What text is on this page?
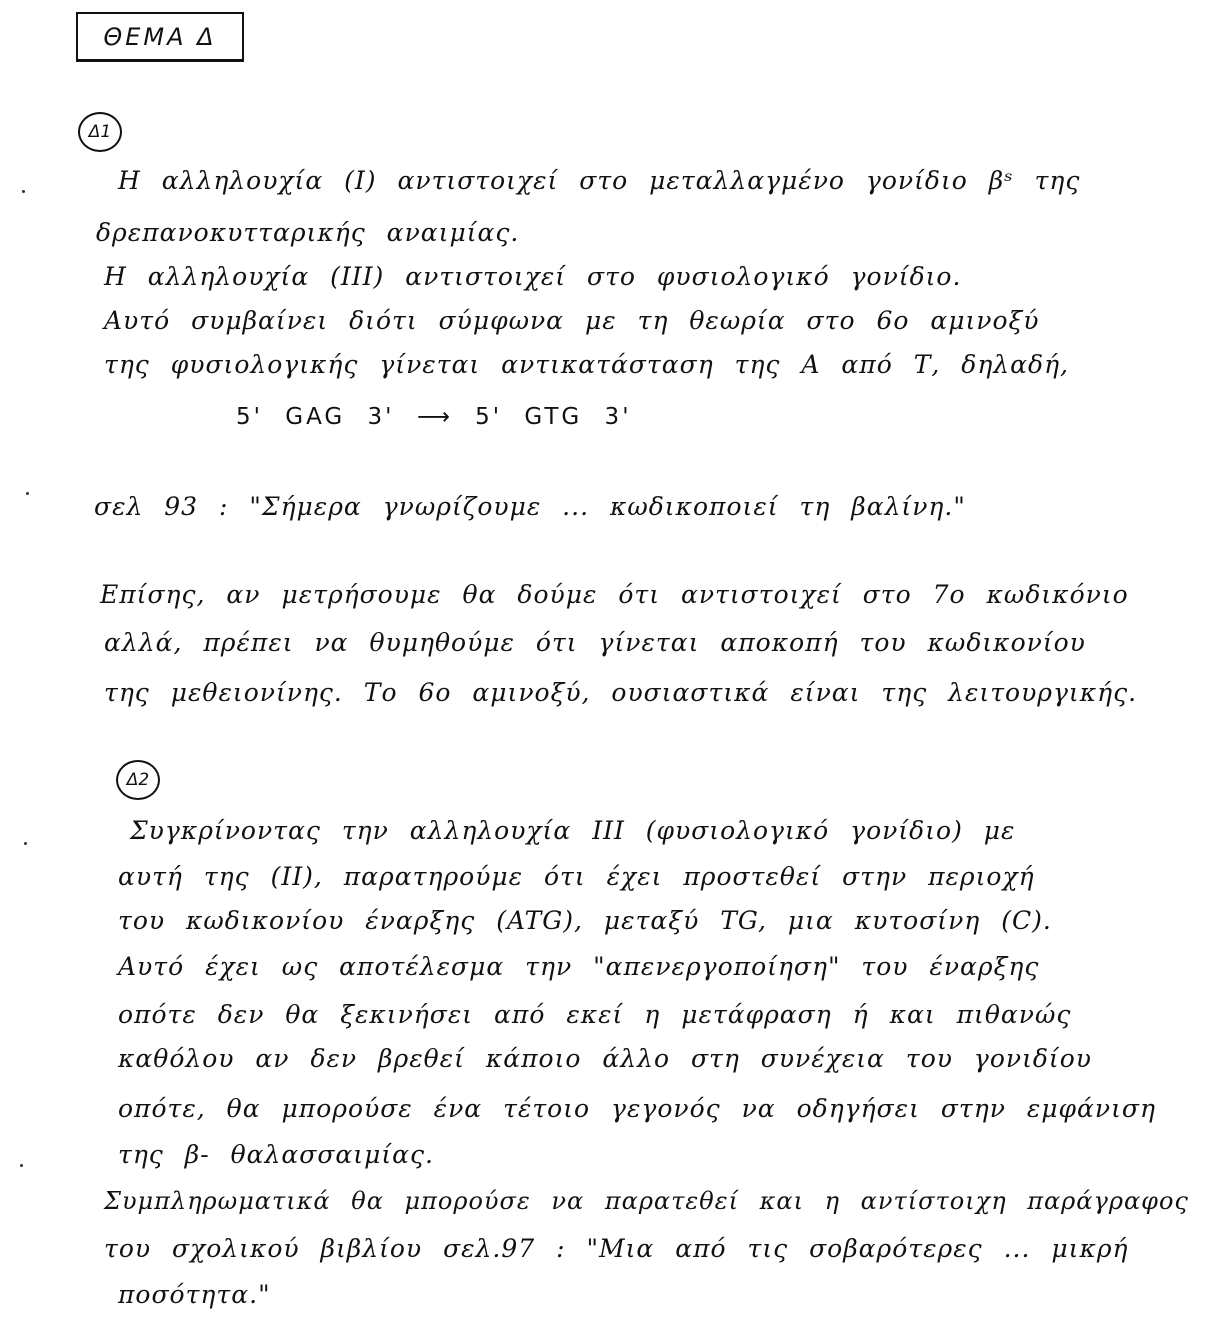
ΘΕΜΑ Δ
Δ1
Η αλληλουχία (Ι) αντιστοιχεί στο μεταλλαγμένο γονίδιο βˢ της
δρεπανοκυτταρικής αναιμίας.
Η αλληλουχία (ΙΙΙ) αντιστοιχεί στο φυσιολογικό γονίδιο.
Αυτό συμβαίνει διότι σύμφωνα με τη θεωρία στο 6ο αμινοξύ
της φυσιολογικής γίνεται αντικατάσταση της Α από Τ, δηλαδή,
5' GAG 3' ⟶ 5' GTG 3'
σελ 93 : "Σήμερα γνωρίζουμε ... κωδικοποιεί τη βαλίνη."
Επίσης, αν μετρήσουμε θα δούμε ότι αντιστοιχεί στο 7ο κωδικόνιο
αλλά, πρέπει να θυμηθούμε ότι γίνεται αποκοπή του κωδικονίου
της μεθειονίνης. Το 6ο αμινοξύ, ουσιαστικά είναι της λειτουργικής.
Δ2
Συγκρίνοντας την αλληλουχία ΙΙΙ (φυσιολογικό γονίδιο) με
αυτή της (ΙΙ), παρατηρούμε ότι έχει προστεθεί στην περιοχή
του κωδικονίου έναρξης (ATG), μεταξύ TG, μια κυτοσίνη (C).
Αυτό έχει ως αποτέλεσμα την "απενεργοποίηση" του έναρξης
οπότε δεν θα ξεκινήσει από εκεί η μετάφραση ή και πιθανώς
καθόλου αν δεν βρεθεί κάποιο άλλο στη συνέχεια του γονιδίου
οπότε, θα μπορούσε ένα τέτοιο γεγονός να οδηγήσει στην εμφάνιση
της β- θαλασσαιμίας.
Συμπληρωματικά θα μπορούσε να παρατεθεί και η αντίστοιχη παράγραφος
του σχολικού βιβλίου σελ.97 : "Μια από τις σοβαρότερες ... μικρή
ποσότητα."
